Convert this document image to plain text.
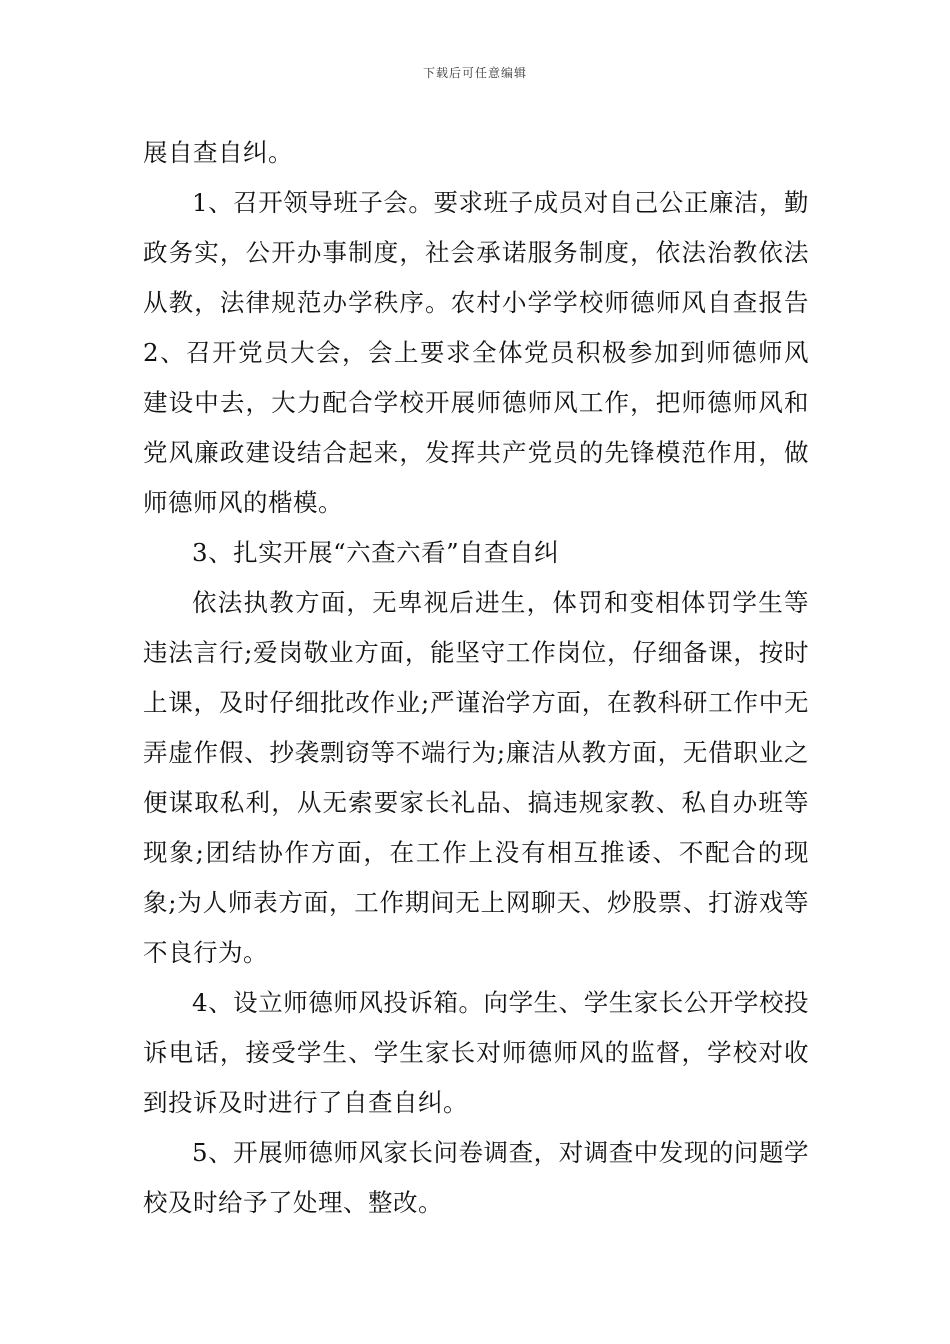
下载后可任意编辑

展自查自纠。

1、召开领导班子会。要求班子成员对自己公正廉洁，勤政务实，公开办事制度，社会承诺服务制度，依法治教依法从教，法律规范办学秩序。农村小学学校师德师风自查报告2、召开党员大会，会上要求全体党员积极参加到师德师风建设中去，大力配合学校开展师德师风工作，把师德师风和党风廉政建设结合起来，发挥共产党员的先锋模范作用，做师德师风的楷模。

3、扎实开展“六查六看”自查自纠

依法执教方面，无卑视后进生，体罚和变相体罚学生等违法言行;爱岗敬业方面，能坚守工作岗位，仔细备课，按时上课，及时仔细批改作业;严谨治学方面，在教科研工作中无弄虚作假、抄袭剽窃等不端行为;廉洁从教方面，无借职业之便谋取私利，从无索要家长礼品、搞违规家教、私自办班等现象;团结协作方面，在工作上没有相互推诿、不配合的现象;为人师表方面，工作期间无上网聊天、炒股票、打游戏等不良行为。

4、设立师德师风投诉箱。向学生、学生家长公开学校投诉电话，接受学生、学生家长对师德师风的监督，学校对收到投诉及时进行了自查自纠。

5、开展师德师风家长问卷调查，对调查中发现的问题学校及时给予了处理、整改。
